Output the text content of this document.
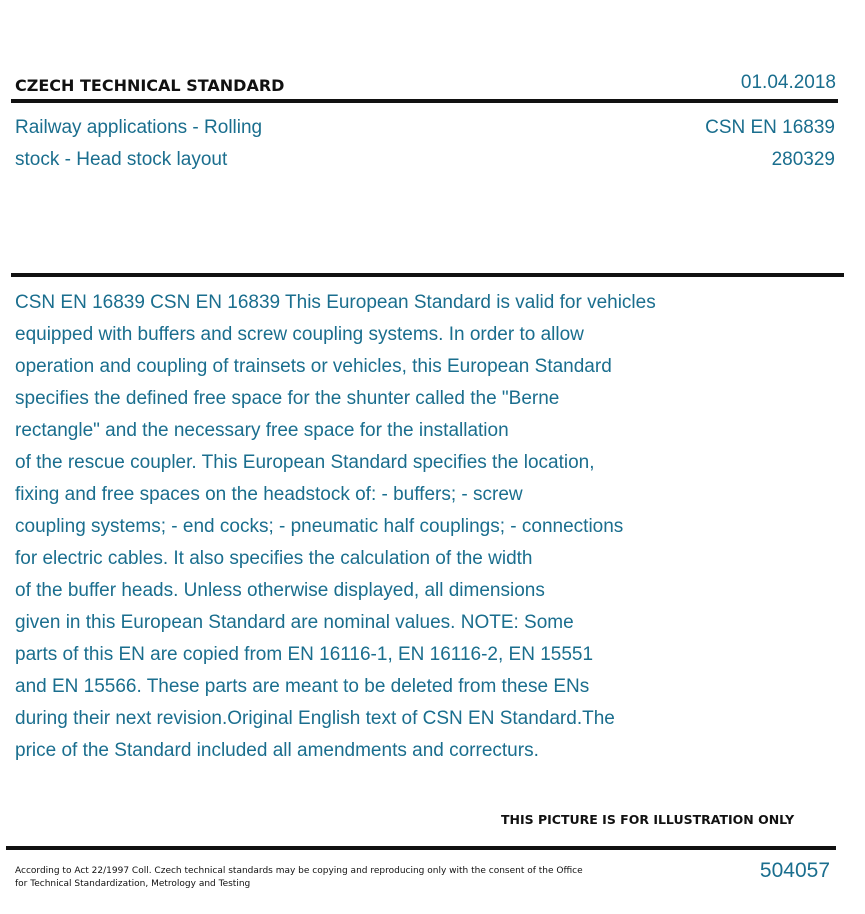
CZECH TECHNICAL STANDARD	01.04.2018
Railway applications - Rolling
stock - Head stock layout
CSN EN 16839
280329
CSN EN 16839 CSN EN 16839 This European Standard is valid for vehicles
equipped with buffers and screw coupling systems. In order to allow
operation and coupling of trainsets or vehicles, this European Standard
specifies the defined free space for the shunter called the "Berne
rectangle" and the necessary free space for the installation
of the rescue coupler. This European Standard specifies the location,
fixing and free spaces on the headstock of: - buffers; - screw
coupling systems; - end cocks; - pneumatic half couplings; - connections
for electric cables. It also specifies the calculation of the width
of the buffer heads. Unless otherwise displayed, all dimensions
given in this European Standard are nominal values. NOTE: Some
parts of this EN are copied from EN 16116-1, EN 16116-2, EN 15551
and EN 15566. These parts are meant to be deleted from these ENs
during their next revision.Original English text of CSN EN Standard.The
price of the Standard included all amendments and correcturs.
THIS PICTURE IS FOR ILLUSTRATION ONLY
According to Act 22/1997 Coll. Czech technical standards may be copying and reproducing only with the consent of the Office
for Technical Standardization, Metrology and Testing
504057
